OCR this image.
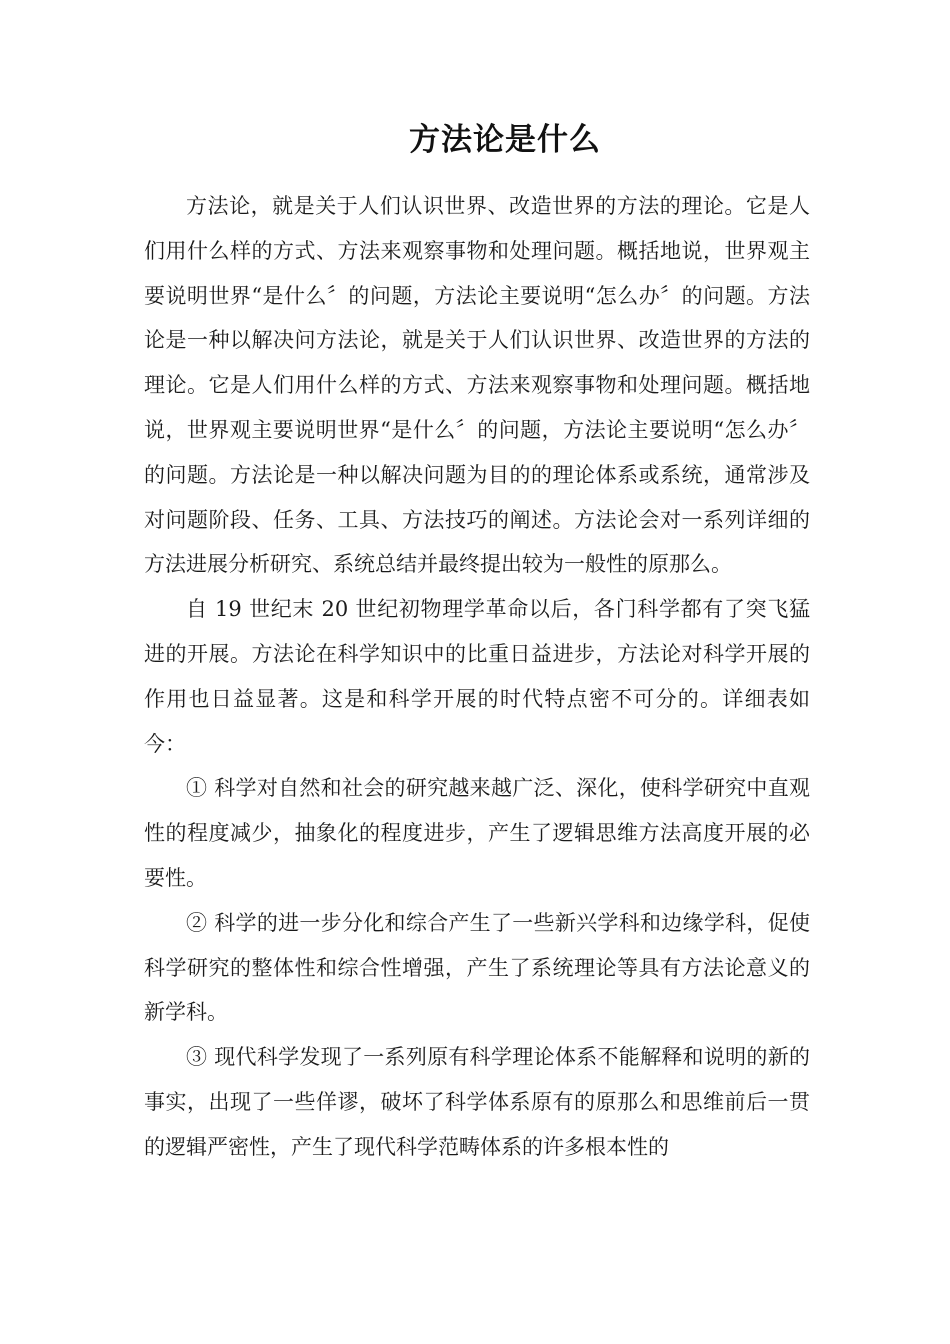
方法论是什么

方法论，就是关于人们认识世界、改造世界的方法的理论。它是人们用什么样的方式、方法来观察事物和处理问题。概括地说，世界观主要说明世界“是什么〞的问题，方法论主要说明“怎么办〞的问题。方法论是一种以解决问方法论，就是关于人们认识世界、改造世界的方法的理论。它是人们用什么样的方式、方法来观察事物和处理问题。概括地说，世界观主要说明世界“是什么〞的问题，方法论主要说明“怎么办〞的问题。方法论是一种以解决问题为目的的理论体系或系统，通常涉及对问题阶段、任务、工具、方法技巧的阐述。方法论会对一系列详细的方法进展分析研究、系统总结并最终提出较为一般性的原那么。

自 19 世纪末 20 世纪初物理学革命以后，各门科学都有了突飞猛进的开展。方法论在科学知识中的比重日益进步，方法论对科学开展的作用也日益显著。这是和科学开展的时代特点密不可分的。详细表如今：

① 科学对自然和社会的研究越来越广泛、深化，使科学研究中直观性的程度减少，抽象化的程度进步，产生了逻辑思维方法高度开展的必要性。

② 科学的进一步分化和综合产生了一些新兴学科和边缘学科，促使科学研究的整体性和综合性增强，产生了系统理论等具有方法论意义的新学科。

③ 现代科学发现了一系列原有科学理论体系不能解释和说明的新的事实，出现了一些佯谬，破坏了科学体系原有的原那么和思维前后一贯的逻辑严密性，产生了现代科学范畴体系的许多根本性的
